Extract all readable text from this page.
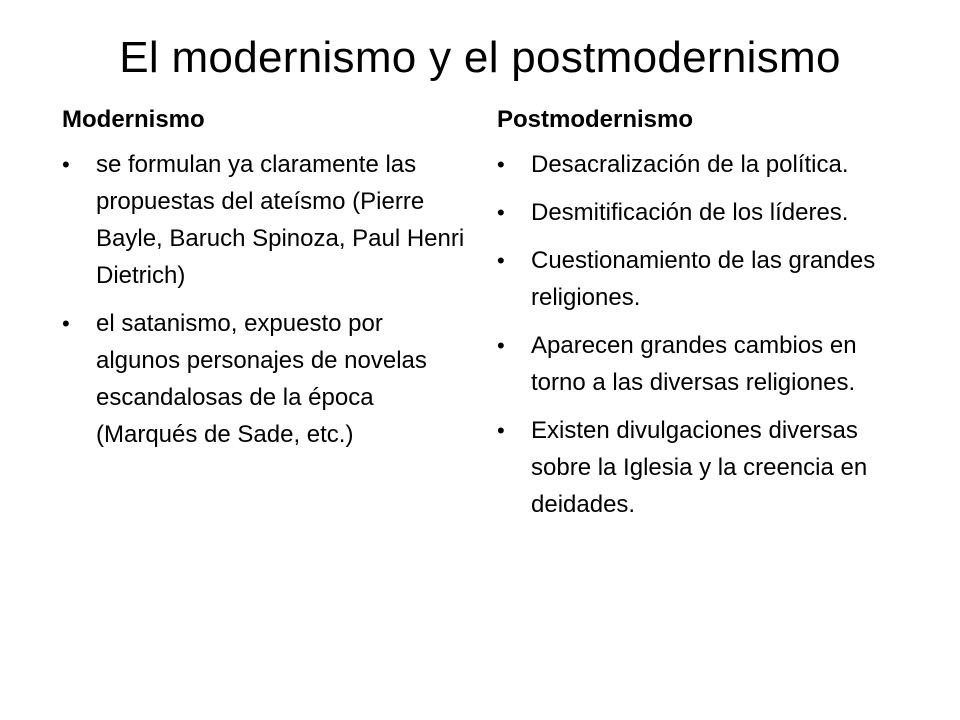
El modernismo y el postmodernismo
Modernismo
•	se formulan ya claramente las propuestas del ateísmo (Pierre Bayle, Baruch Spinoza, Paul Henri Dietrich)
•	el satanismo, expuesto por algunos personajes de novelas escandalosas de la época (Marqués de Sade, etc.)
Postmodernismo
•	Desacralización de la política.
•	Desmitificación de los líderes.
•	Cuestionamiento de las grandes religiones.
•	Aparecen grandes cambios en torno a las diversas religiones.
•	Existen divulgaciones diversas sobre la Iglesia y la creencia en deidades.
